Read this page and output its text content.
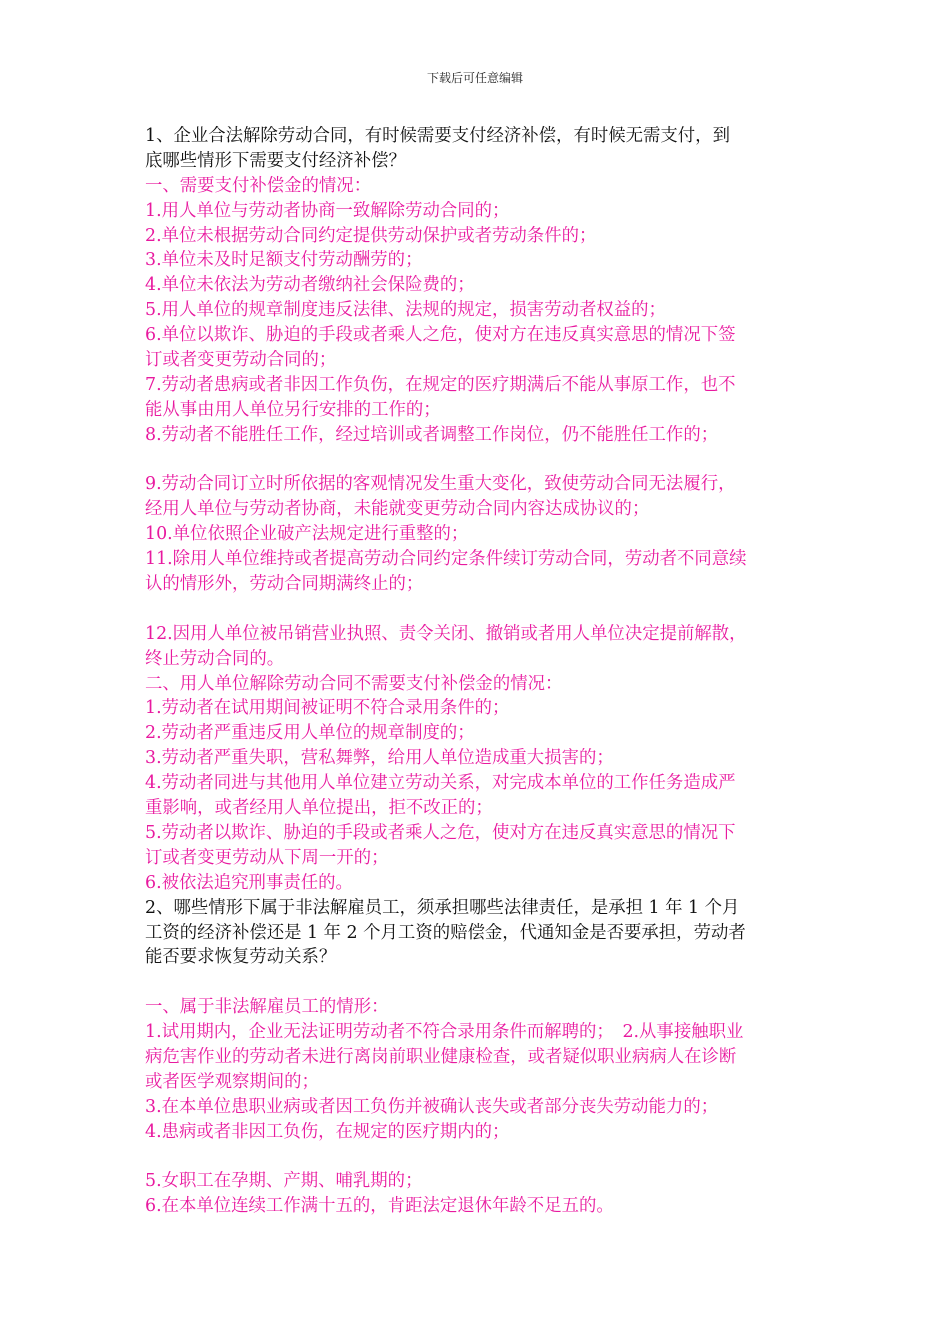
下载后可任意编辑
1、企业合法解除劳动合同，有时候需要支付经济补偿，有时候无需支付，到
底哪些情形下需要支付经济补偿？
一、需要支付补偿金的情况：
1.用人单位与劳动者协商一致解除劳动合同的；
2.单位未根据劳动合同约定提供劳动保护或者劳动条件的；
3.单位未及时足额支付劳动酬劳的；
4.单位未依法为劳动者缴纳社会保险费的；
5.用人单位的规章制度违反法律、法规的规定，损害劳动者权益的；
6.单位以欺诈、胁迫的手段或者乘人之危，使对方在违反真实意思的情况下签
订或者变更劳动合同的；
7.劳动者患病或者非因工作负伤，在规定的医疗期满后不能从事原工作，也不
能从事由用人单位另行安排的工作的；
8.劳动者不能胜任工作，经过培训或者调整工作岗位，仍不能胜任工作的；
9.劳动合同订立时所依据的客观情况发生重大变化，致使劳动合同无法履行，
经用人单位与劳动者协商，未能就变更劳动合同内容达成协议的；
10.单位依照企业破产法规定进行重整的；
11.除用人单位维持或者提高劳动合同约定条件续订劳动合同，劳动者不同意续
认的情形外，劳动合同期满终止的；
12.因用人单位被吊销营业执照、责令关闭、撤销或者用人单位决定提前解散，
终止劳动合同的。
二、用人单位解除劳动合同不需要支付补偿金的情况：
1.劳动者在试用期间被证明不符合录用条件的；
2.劳动者严重违反用人单位的规章制度的；
3.劳动者严重失职，营私舞弊，给用人单位造成重大损害的；
4.劳动者同进与其他用人单位建立劳动关系，对完成本单位的工作任务造成严
重影响，或者经用人单位提出，拒不改正的；
5.劳动者以欺诈、胁迫的手段或者乘人之危，使对方在违反真实意思的情况下
订或者变更劳动从下周一开的；
6.被依法追究刑事责任的。
2、哪些情形下属于非法解雇员工，须承担哪些法律责任，是承担 1 年 1 个月
工资的经济补偿还是 1 年 2 个月工资的赔偿金，代通知金是否要承担，劳动者
能否要求恢复劳动关系？
一、属于非法解雇员工的情形：
1.试用期内，企业无法证明劳动者不符合录用条件而解聘的；　2.从事接触职业
病危害作业的劳动者未进行离岗前职业健康检查，或者疑似职业病病人在诊断
或者医学观察期间的；
3.在本单位患职业病或者因工负伤并被确认丧失或者部分丧失劳动能力的；
4.患病或者非因工负伤，在规定的医疗期内的；
5.女职工在孕期、产期、哺乳期的；
6.在本单位连续工作满十五的，肯距法定退休年龄不足五的。
